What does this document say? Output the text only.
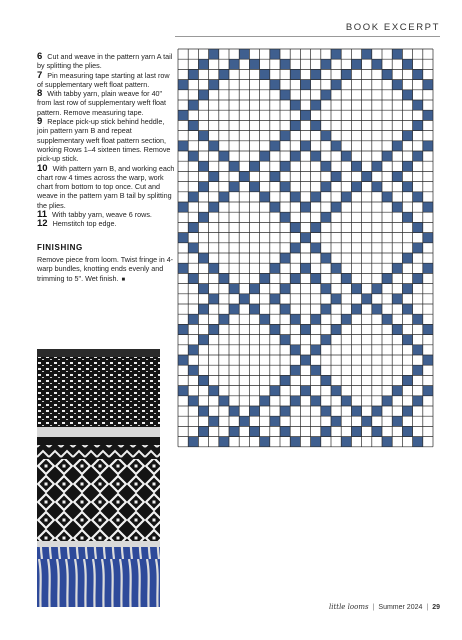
BOOK EXCERPT

6 Cut and weave in the pattern yarn A tail by splitting the plies.

7 Pin measuring tape starting at last row of supplementary weft float pattern.

8 With tabby yarn, plain weave for 40" from last row of supplementary weft float pattern. Remove measuring tape.

9 Replace pick-up stick behind heddle, join pattern yarn B and repeat supplementary weft float pattern section, working Rows 1–4 sixteen times. Remove pick-up stick.

10 With pattern yarn B, and working each chart row 4 times across the warp, work chart from bottom to top once. Cut and weave in the pattern yarn B tail by splitting the plies.

11 With tabby yarn, weave 6 rows.

12 Hemstitch top edge.

FINISHING
Remove piece from loom. Twist fringe in 4-warp bundles, knotting ends evenly and trimming to 5". Wet finish. ■
little looms | Summer 2024 | 29
